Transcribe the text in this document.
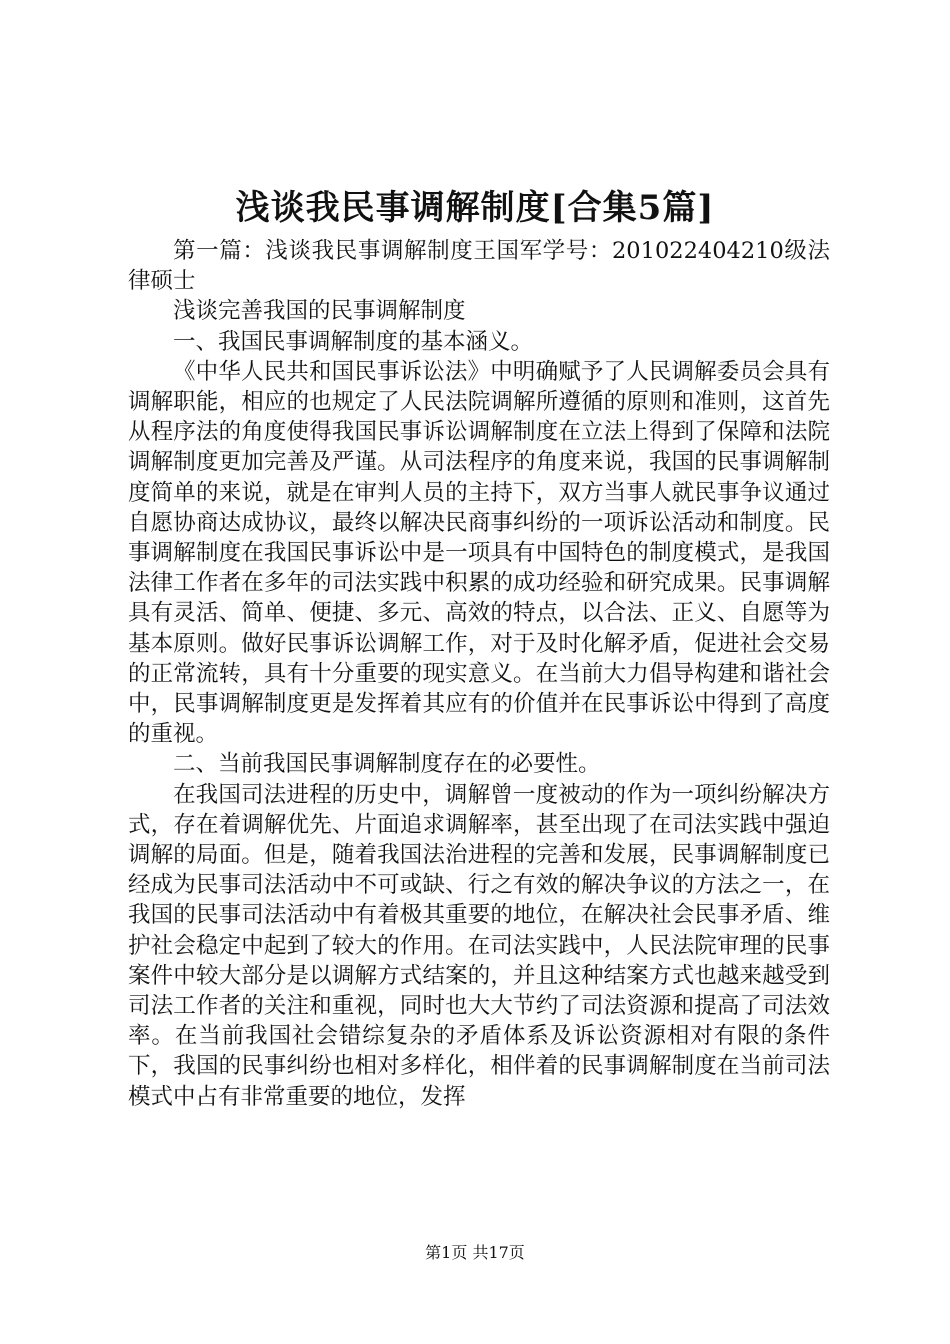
浅谈我民事调解制度[合集5篇]

第一篇：浅谈我民事调解制度王国军学号：2010224042​10级法律硕士

浅谈完善我国的民事调解制度

一、我国民事调解制度的基本涵义。

《中华人民共和国民事诉讼法》中明确赋予了人民调解委员会具有调解职能，相应的也规定了人民法院调解所遵循的原则和准则，这首先从程序法的角度使得我国民事诉讼调解制度在立法上得到了保障和法院调解制度更加完善及严谨。从司法程序的角度来说，我国的民事调解制度简单的来说，就是在审判人员的主持下，双方当事人就民事争议通过自愿协商达成协议，最终以解决民商事纠纷的一项诉讼活动和制度。民事调解制度在我国民事诉讼中是一项具有中国特色的制度模式，是我国法律工作者在多年的司法实践中积累的成功经验和研究成果。民事调解具有灵活、简单、便捷、多元、高效的特点，以合法、正义、自愿等为基本原则。做好民事诉讼调解工作，对于及时化解矛盾，促进社会交易的正常流转，具有十分重要的现实意义。在当前大力倡导构建和谐社会中，民事调解制度更是发挥着其应有的价值并在民事诉讼中得到了高度的重视。

二、当前我国民事调解制度存在的必要性。

在我国司法进程的历史中，调解曾一度被动的作为一项纠纷解决方式，存在着调解优先、片面追求调解率，甚至出现了在司法实践中强迫调解的局面。但是，随着我国法治进程的完善和发展，民事调解制度已经成为民事司法活动中不可或缺、行之有效的解决争议的方法之一，在我国的民事司法活动中有着极其重要的地位，在解决社会民事矛盾、维护社会稳定中起到了较大的作用。在司法实践中，人民法院审理的民事案件中较大部分是以调解方式结案的，并且这种结案方式也越来越受到司法工作者的关注和重视，同时也大大节约了司法资源和提高了司法效率。在当前我国社会错综复杂的矛盾体系及诉讼资源相对有限的条件下，我国的民事纠纷也相对多样化，相伴着的民事调解制度在当前司法模式中占有非常重要的地位，发挥

第1页 共17页
